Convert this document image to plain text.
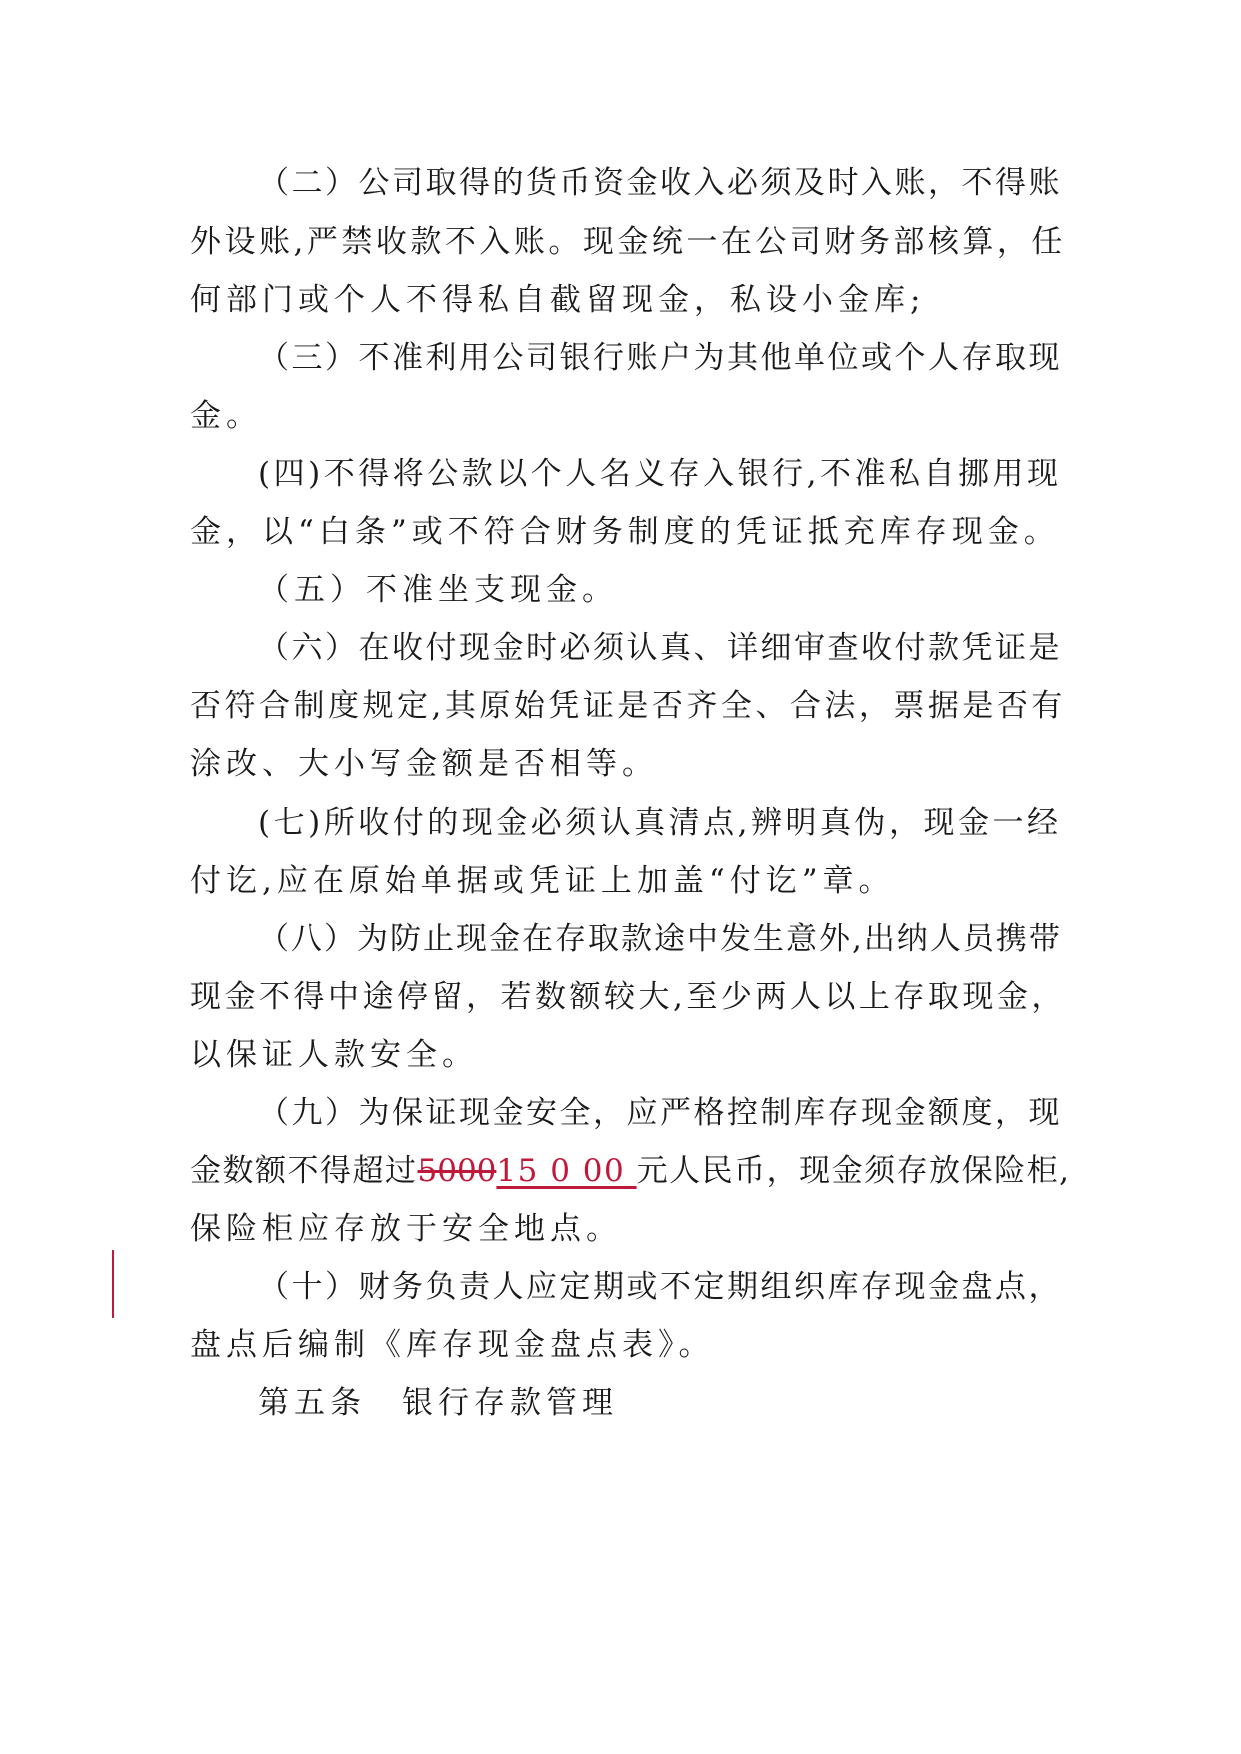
（二）公司取得的货币资金收入必须及时入账，不得账
外设账,严禁收款不入账。现金统一在公司财务部核算，任
何部门或个人不得私自截留现金，私设小金库;
（三）不准利用公司银行账户为其他单位或个人存取现
金。
(四)不得将公款以个人名义存入银行,不准私自挪用现
金，以“白条”或不符合财务制度的凭证抵充库存现金。
（五）不准坐支现金。
（六）在收付现金时必须认真、详细审查收付款凭证是
否符合制度规定,其原始凭证是否齐全、合法，票据是否有
涂改、大小写金额是否相等。
(七)所收付的现金必须认真清点,辨明真伪，现金一经
付讫,应在原始单据或凭证上加盖“付讫”章。
（八）为防止现金在存取款途中发生意外,出纳人员携带
现金不得中途停留，若数额较大,至少两人以上存取现金，
以保证人款安全。
（九）为保证现金安全，应严格控制库存现金额度，现
金数额不得超过500015 0 00 元人民币，现金须存放保险柜,
保险柜应存放于安全地点。
（十）财务负责人应定期或不定期组织库存现金盘点，
盘点后编制《库存现金盘点表》。
第五条　银行存款管理
